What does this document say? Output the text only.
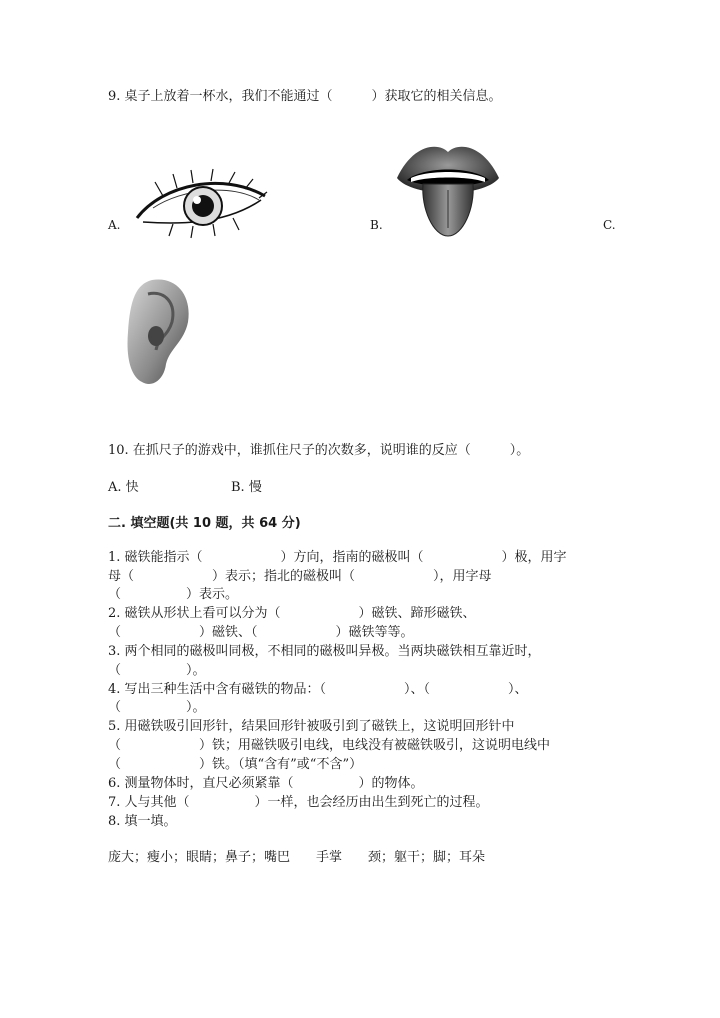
9. 桌子上放着一杯水，我们不能通过（　　　）获取它的相关信息。
A.	B.	C.
10. 在抓尺子的游戏中，谁抓住尺子的次数多，说明谁的反应（　　　）。
A. 快	B. 慢
二. 填空题(共 10 题，共 64 分)
1. 磁铁能指示（　　　　　　）方向，指南的磁极叫（　　　　　　）极，用字
母（　　　　　　）表示；指北的磁极叫（　　　　　　），用字母
（　　　　　）表示。
2. 磁铁从形状上看可以分为（　　　　　　）磁铁、蹄形磁铁、
（　　　　　　）磁铁、（　　　　　　）磁铁等等。
3. 两个相同的磁极叫同极，不相同的磁极叫异极。当两块磁铁相互靠近时，
（　　　　　）。
4. 写出三种生活中含有磁铁的物品：（　　　　　　）、（　　　　　　）、
（　　　　　）。
5. 用磁铁吸引回形针，结果回形针被吸引到了磁铁上，这说明回形针中
（　　　　　　）铁；用磁铁吸引电线，电线没有被磁铁吸引，这说明电线中
（　　　　　　）铁。（填“含有”或“不含”）
6. 测量物体时，直尺必须紧靠（　　　　　）的物体。
7. 人与其他（　　　　　）一样，也会经历由出生到死亡的过程。
8. 填一填。
庞大；瘦小；眼睛；鼻子；嘴巴　　手掌　　颈；躯干；脚；耳朵
